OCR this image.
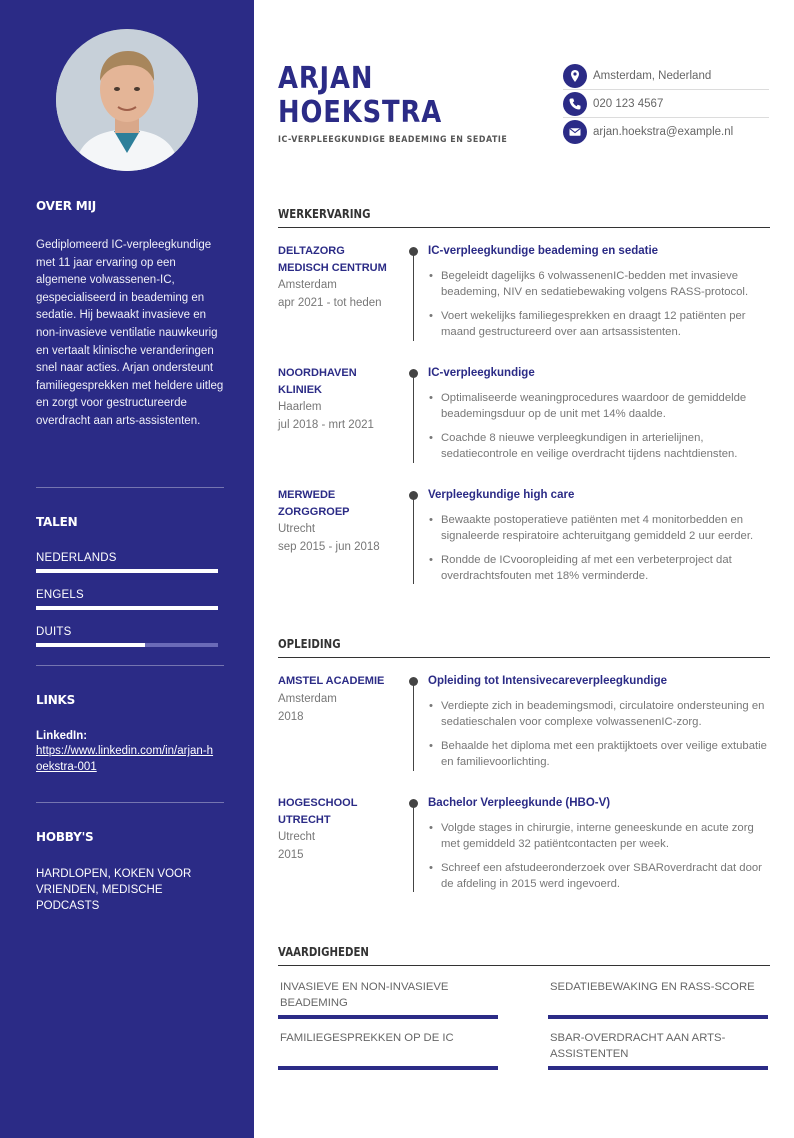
OVER MIJ
Gediplomeerd IC-verpleegkundige met 11 jaar ervaring op een algemene volwassenen-IC, gespecialiseerd in beademing en sedatie. Hij bewaakt invasieve en non-invasieve ventilatie nauwkeurig en vertaalt klinische veranderingen snel naar acties. Arjan ondersteunt familiegesprekken met heldere uitleg en zorgt voor gestructureerde overdracht aan arts-assistenten.
TALEN
NEDERLANDS
ENGELS
DUITS
LINKS
LinkedIn:
https://www.linkedin.com/in/arjan-hoekstra-001
HOBBY'S
HARDLOPEN, KOKEN VOOR VRIENDEN, MEDISCHE PODCASTS
ARJAN
HOEKSTRA
IC-VERPLEEGKUNDIGE BEADEMING EN SEDATIE
Amsterdam, Nederland
020 123 4567
arjan.hoekstra@example.nl
WERKERVARING
DELTAZORG MEDISCH CENTRUM
Amsterdam
apr 2021 - tot heden
IC-verpleegkundige beademing en sedatie
• Begeleidt dagelijks 6 volwassenenIC-bedden met invasieve beademing, NIV en sedatiebewaking volgens RASS-protocol.
• Voert wekelijks familiegesprekken en draagt 12 patiënten per maand gestructureerd over aan artsassistenten.
NOORDHAVEN KLINIEK
Haarlem
jul 2018 - mrt 2021
IC-verpleegkundige
• Optimaliseerde weaningprocedures waardoor de gemiddelde beademingsduur op de unit met 14% daalde.
• Coachde 8 nieuwe verpleegkundigen in arterielijnen, sedatiecontrole en veilige overdracht tijdens nachtdiensten.
MERWEDE ZORGGROEP
Utrecht
sep 2015 - jun 2018
Verpleegkundige high care
• Bewaakte postoperatieve patiënten met 4 monitorbedden en signaleerde respiratoire achteruitgang gemiddeld 2 uur eerder.
• Rondde de ICvooropleiding af met een verbeterproject dat overdrachtsfouten met 18% verminderde.
OPLEIDING
AMSTEL ACADEMIE
Amsterdam
2018
Opleiding tot Intensivecareverpleegkundige
• Verdiepte zich in beademingsmodi, circulatoire ondersteuning en sedatieschalen voor complexe volwassenenIC-zorg.
• Behaalde het diploma met een praktijktoets over veilige extubatie en familievoorlichting.
HOGESCHOOL UTRECHT
Utrecht
2015
Bachelor Verpleegkunde (HBO-V)
• Volgde stages in chirurgie, interne geneeskunde en acute zorg met gemiddeld 32 patiëntcontacten per week.
• Schreef een afstudeeronderzoek over SBARoverdracht dat door de afdeling in 2015 werd ingevoerd.
VAARDIGHEDEN
INVASIEVE EN NON-INVASIEVE BEADEMING
SEDATIEBEWAKING EN RASS-SCORE
FAMILIEGESPREKKEN OP DE IC	SBAR-OVERDRACHT AAN ARTS-ASSISTENTEN
